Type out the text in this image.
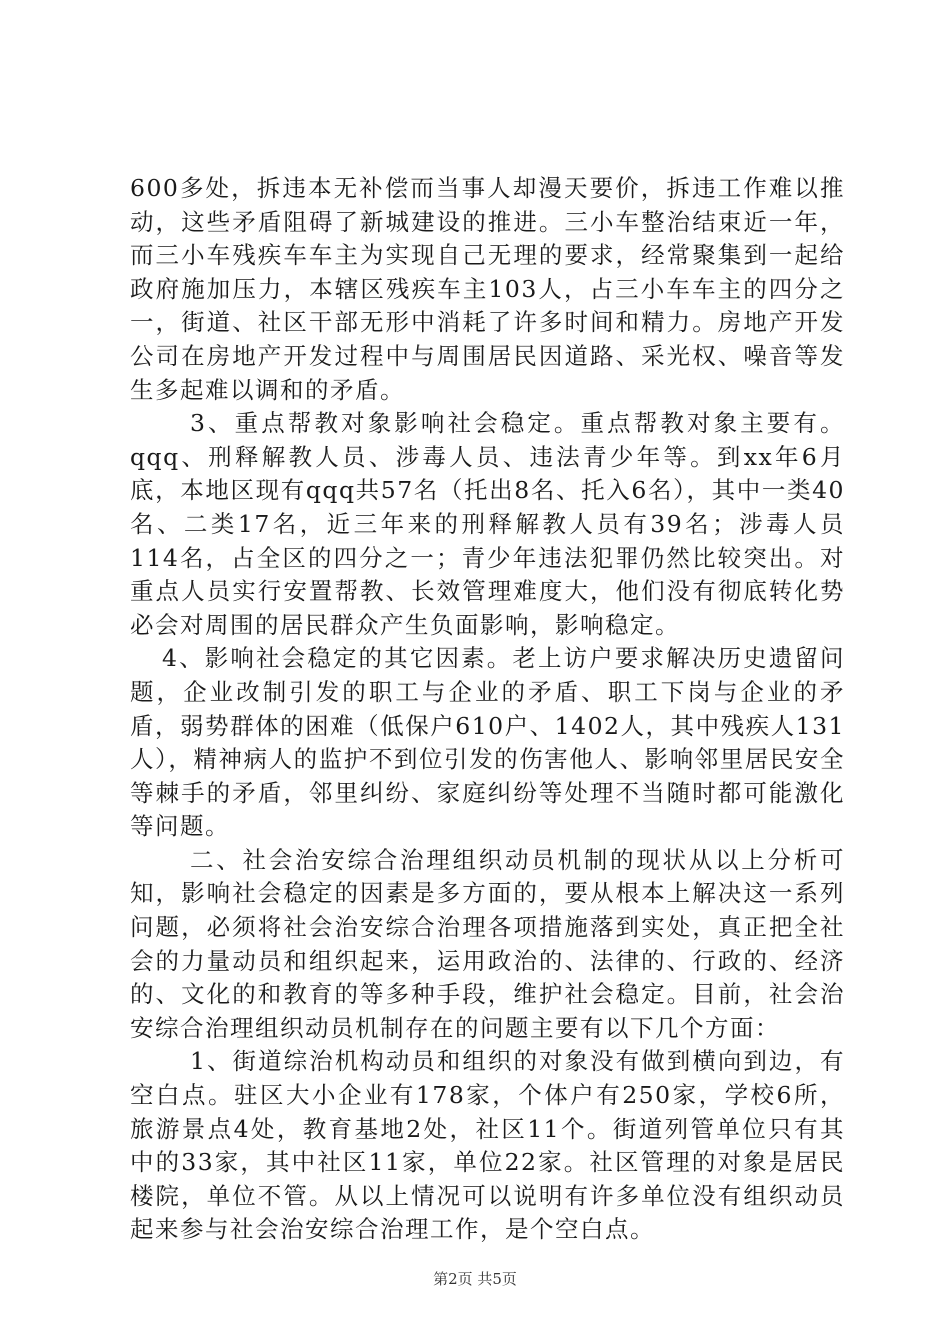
600多处，拆违本无补偿而当事人却漫天要价，拆违工作难以推动，这些矛盾阻碍了新城建设的推进。三小车整治结束近一年，而三小车残疾车车主为实现自己无理的要求，经常聚集到一起给政府施加压力，本辖区残疾车主103人，占三小车车主的四分之一，街道、社区干部无形中消耗了许多时间和精力。房地产开发公司在房地产开发过程中与周围居民因道路、采光权、噪音等发生多起难以调和的矛盾。

3、重点帮教对象影响社会稳定。重点帮教对象主要有。qqq、刑释解教人员、涉毒人员、违法青少年等。到xx年6月底，本地区现有qqq共57名（托出8名、托入6名），其中一类40名、二类17名，近三年来的刑释解教人员有39名；涉毒人员114名，占全区的四分之一；青少年违法犯罪仍然比较突出。对重点人员实行安置帮教、长效管理难度大，他们没有彻底转化势必会对周围的居民群众产生负面影响，影响稳定。

4、影响社会稳定的其它因素。老上访户要求解决历史遗留问题，企业改制引发的职工与企业的矛盾、职工下岗与企业的矛盾，弱势群体的困难（低保户610户、1402人，其中残疾人131人），精神病人的监护不到位引发的伤害他人、影响邻里居民安全等棘手的矛盾，邻里纠纷、家庭纠纷等处理不当随时都可能激化等问题。

二、社会治安综合治理组织动员机制的现状从以上分析可知，影响社会稳定的因素是多方面的，要从根本上解决这一系列问题，必须将社会治安综合治理各项措施落到实处，真正把全社会的力量动员和组织起来，运用政治的、法律的、行政的、经济的、文化的和教育的等多种手段，维护社会稳定。目前，社会治安综合治理组织动员机制存在的问题主要有以下几个方面：

1、街道综治机构动员和组织的对象没有做到横向到边，有空白点。驻区大小企业有178家，个体户有250家，学校6所，旅游景点4处，教育基地2处，社区11个。街道列管单位只有其中的33家，其中社区11家，单位22家。社区管理的对象是居民楼院，单位不管。从以上情况可以说明有许多单位没有组织动员起来参与社会治安综合治理工作，是个空白点。

第2页 共5页
